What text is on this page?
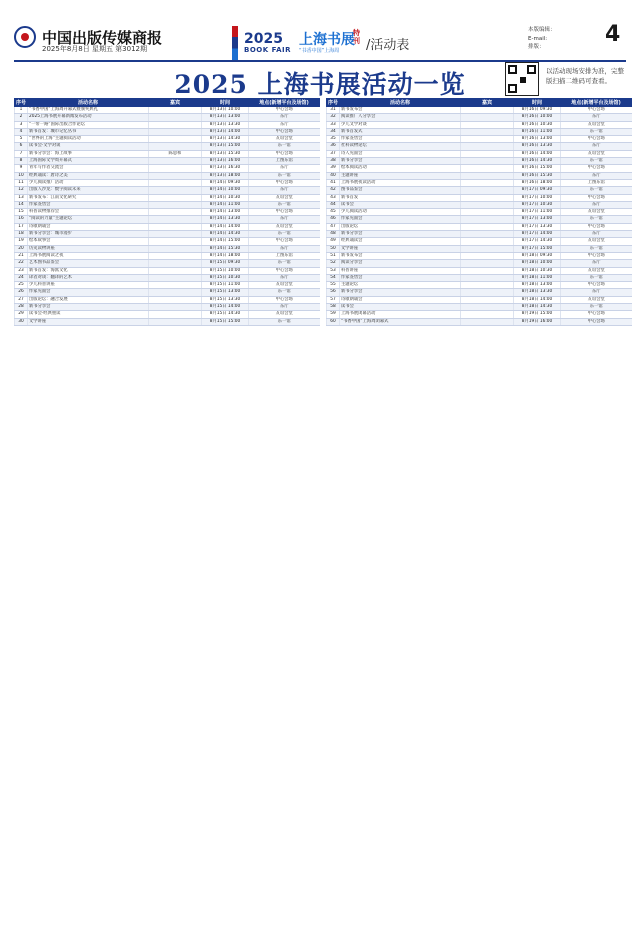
中国出版传媒商报
2025年8月8日 星期五 第3012期
2025
BOOK FAIR
上海书展
“书香中国”上海周
特刊 /活动表
本版编辑：
E-mail:
排版：
4
2025 上海书展活动一览	以活动现场安排为准，完整版扫描二维码可查看。
序号	活动名称	嘉宾	时间	地点(新增平台及场馆)
1	“书香中国”上海周开幕式暨颁奖典礼		8月13日 10:00	中心会场
2	2025上海书展开幕新闻发布活动		8月13日 13:00	东厅
3	“一带一路”国际出版合作论坛		8月13日 13:30	东厅
4	新书首发：城市记忆丛书		8月13日 14:00	中心会场
5	“世界的上海”主题阅读活动		8月13日 14:30	友谊会堂
6	读书会·文学对谈		8月13日 15:00	东一馆
7	新书分享会：海上故事	陈思和	8月13日 15:30	中心会场
8	上海国际文学周开幕式		8月13日 16:00	上图东馆
9	青年写作者交流会		8月13日 16:30	东厅
10	经典诵读：唐诗之美		8月13日 18:00	东一馆
11	少儿阅读推广活动		8月14日 09:30	中心会场
12	出版人沙龙：数字阅读未来		8月14日 10:00	东厅
13	新书发布：江南文化研究		8月14日 10:30	友谊会堂
14	作家签售会		8月14日 11:00	东一馆
15	科普读物推荐会		8月14日 13:00	中心会场
16	“阅读的力量”主题论坛		8月14日 13:30	东厅
17	诗歌朗诵会		8月14日 14:00	友谊会堂
18	新书分享会：城市漫步		8月14日 14:30	东一馆
19	绘本故事会		8月14日 15:00	中心会场
20	历史读物讲座		8月14日 15:30	东厅
21	上海书展阅读之夜		8月14日 18:00	上图东馆
22	艺术图书品鉴会		8月15日 09:30	东一馆
23	新书首发：海派文化		8月15日 10:00	中心会场
24	译者对谈：翻译的艺术		8月15日 10:30	东厅
25	少儿科普讲座		8月15日 11:00	友谊会堂
26	作家见面会		8月15日 13:00	东一馆
27	出版论坛：融合发展		8月15日 13:30	中心会场
28	新书分享会		8月15日 14:00	东厅
29	读书会·经典重读		8月15日 14:30	友谊会堂
30	文学讲座		8月15日 15:00	东一馆
序号	活动名称	嘉宾	时间	地点(新增平台及场馆)
31	新书发布会		8月16日 09:30	中心会场
32	阅读推广人分享会		8月16日 10:00	东厅
33	少儿文学对谈		8月16日 10:30	友谊会堂
34	新书首发式		8月16日 11:00	东一馆
35	作家签售会		8月16日 13:00	中心会场
36	社科读物论坛		8月16日 13:30	东厅
37	诗人见面会		8月16日 14:00	友谊会堂
38	新书分享会		8月16日 14:30	东一馆
39	绘本阅读活动		8月16日 15:00	中心会场
40	主题讲座		8月16日 15:30	东厅
41	上海书展夜读活动		8月16日 18:00	上图东馆
42	图书品鉴会		8月17日 09:30	东一馆
43	新书首发		8月17日 10:00	中心会场
44	读书会		8月17日 10:30	东厅
45	少儿阅读活动		8月17日 11:00	友谊会堂
46	作家见面会		8月17日 13:00	东一馆
47	出版论坛		8月17日 13:30	中心会场
48	新书分享会		8月17日 14:00	东厅
49	经典诵读会		8月17日 14:30	友谊会堂
50	文学讲座		8月17日 15:00	东一馆
51	新书发布会		8月18日 09:30	中心会场
52	阅读分享会		8月18日 10:00	东厅
53	科普讲座		8月18日 10:30	友谊会堂
54	作家签售会		8月18日 11:00	东一馆
55	主题论坛		8月18日 13:00	中心会场
56	新书分享会		8月18日 13:30	东厅
57	诗歌朗诵会		8月18日 14:00	友谊会堂
58	读书会		8月18日 14:30	东一馆
59	上海书展闭幕活动		8月19日 15:00	中心会场
60	“书香中国”上海周闭幕式		8月19日 16:00	中心会场
